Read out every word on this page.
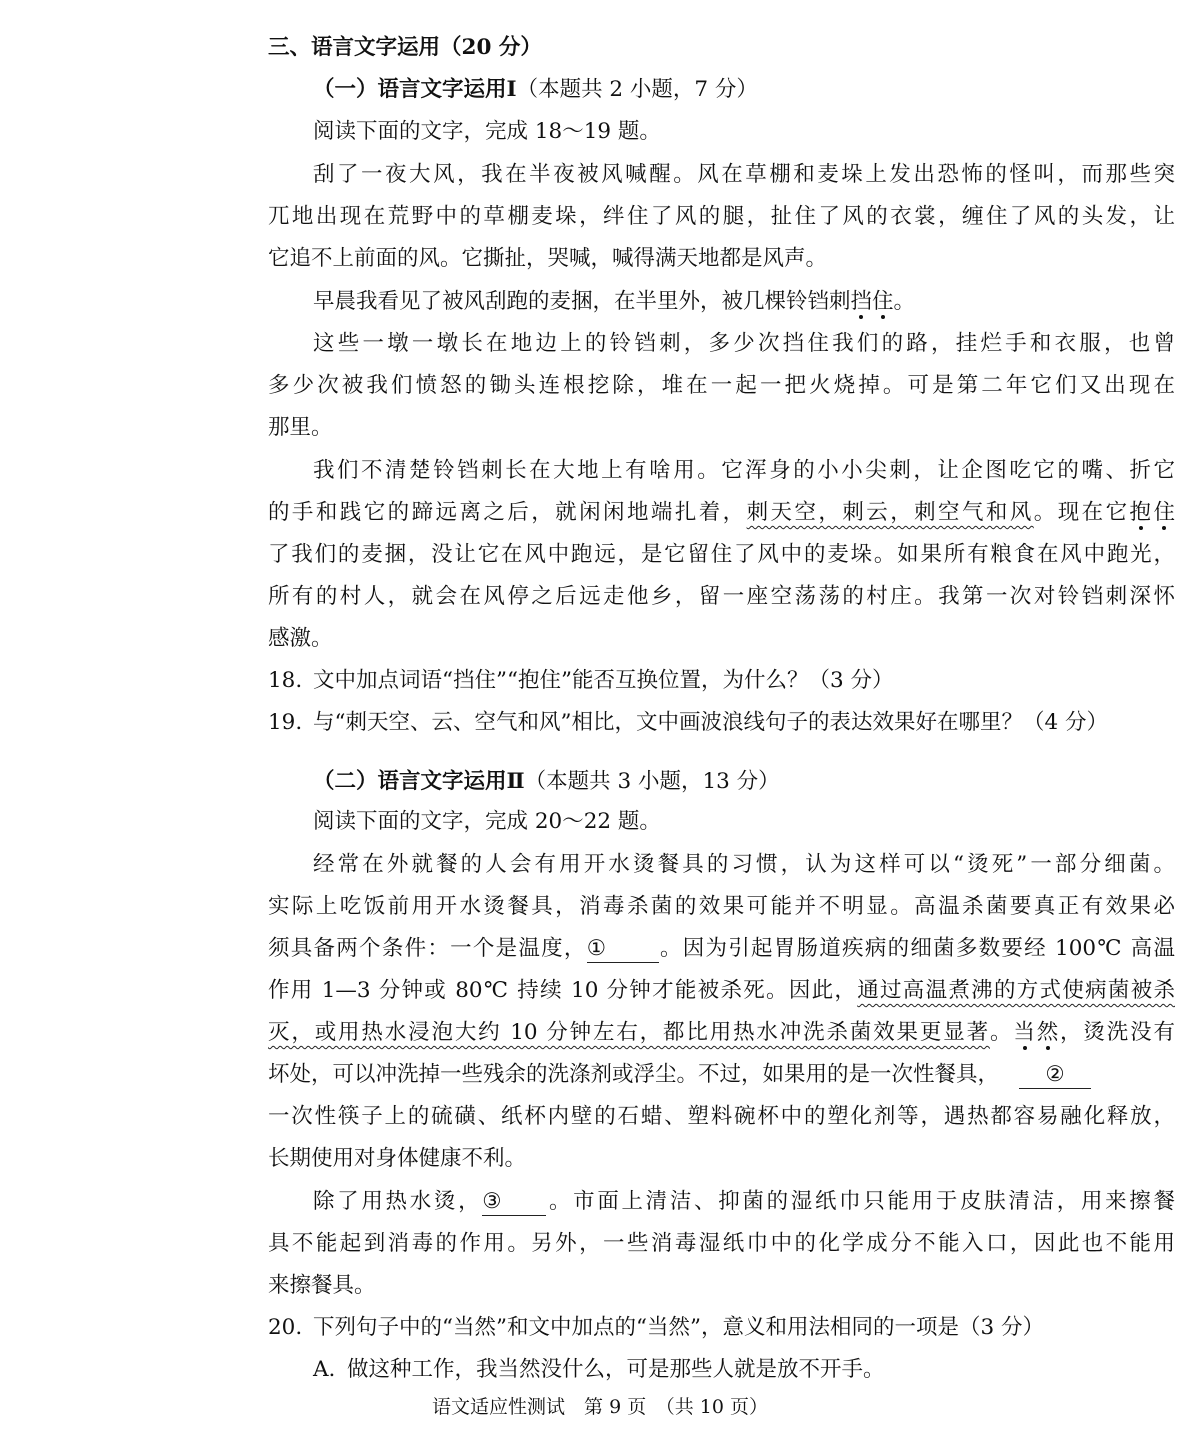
三、语言文字运用（20 分）
（一）语言文字运用Ⅰ（本题共 2 小题，7 分）
阅读下面的文字，完成 18～19 题。
刮了一夜大风，我在半夜被风喊醒。风在草棚和麦垛上发出恐怖的怪叫，而那些突
兀地出现在荒野中的草棚麦垛，绊住了风的腿，扯住了风的衣裳，缠住了风的头发，让
它追不上前面的风。它撕扯，哭喊，喊得满天地都是风声。
早晨我看见了被风刮跑的麦捆，在半里外，被几棵铃铛刺挡住。
这些一墩一墩长在地边上的铃铛刺，多少次挡住我们的路，挂烂手和衣服，也曾
多少次被我们愤怒的锄头连根挖除，堆在一起一把火烧掉。可是第二年它们又出现在
那里。
我们不清楚铃铛刺长在大地上有啥用。它浑身的小小尖刺，让企图吃它的嘴、折它
的手和践它的蹄远离之后，就闲闲地端扎着，刺天空，刺云，刺空气和风。现在它抱住
了我们的麦捆，没让它在风中跑远，是它留住了风中的麦垛。如果所有粮食在风中跑光，
所有的村人，就会在风停之后远走他乡，留一座空荡荡的村庄。我第一次对铃铛刺深怀
感激。
18. 文中加点词语“挡住”“抱住”能否互换位置，为什么？（3 分）
19. 与“刺天空、云、空气和风”相比，文中画波浪线句子的表达效果好在哪里？（4 分）
（二）语言文字运用Ⅱ（本题共 3 小题，13 分）
阅读下面的文字，完成 20～22 题。
经常在外就餐的人会有用开水烫餐具的习惯，认为这样可以“烫死”一部分细菌。
实际上吃饭前用开水烫餐具，消毒杀菌的效果可能并不明显。高温杀菌要真正有效果必
须具备两个条件：一个是温度，① 。因为引起胃肠道疾病的细菌多数要经 100℃ 高温
作用 1—3 分钟或 80℃ 持续 10 分钟才能被杀死。因此，通过高温煮沸的方式使病菌被杀
灭，或用热水浸泡大约 10 分钟左右，都比用热水冲洗杀菌效果更显著。当然，烫洗没有
坏处，可以冲洗掉一些残余的洗涤剂或浮尘。不过，如果用的是一次性餐具， ②
一次性筷子上的硫磺、纸杯内壁的石蜡、塑料碗杯中的塑化剂等，遇热都容易融化释放，
长期使用对身体健康不利。
除了用热水烫，③ 。市面上清洁、抑菌的湿纸巾只能用于皮肤清洁，用来擦餐
具不能起到消毒的作用。另外，一些消毒湿纸巾中的化学成分不能入口，因此也不能用
来擦餐具。
20. 下列句子中的“当然”和文中加点的“当然”，意义和用法相同的一项是（3 分）
A. 做这种工作，我当然没什么，可是那些人就是放不开手。
语文适应性测试　第 9 页　（共 10 页）
